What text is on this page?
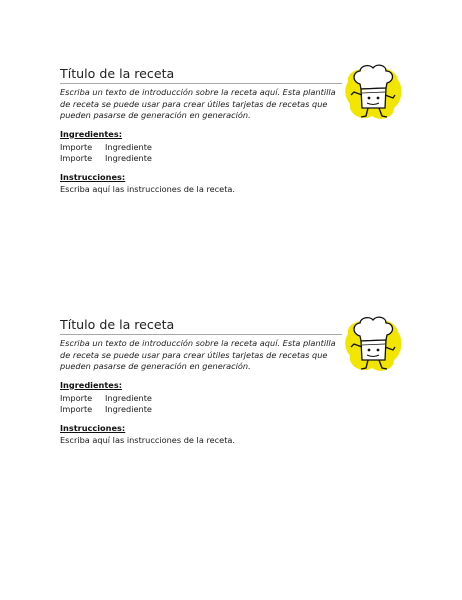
Título de la receta
Escriba un texto de introducción sobre la receta aquí. Esta plantilla
de receta se puede usar para crear útiles tarjetas de recetas que
pueden pasarse de generación en generación.
Ingredientes:
Importe	Ingrediente
Importe	Ingrediente
Instrucciones:
Escriba aquí las instrucciones de la receta.
Título de la receta
Escriba un texto de introducción sobre la receta aquí. Esta plantilla
de receta se puede usar para crear útiles tarjetas de recetas que
pueden pasarse de generación en generación.
Ingredientes:
Importe	Ingrediente
Importe	Ingrediente
Instrucciones:
Escriba aquí las instrucciones de la receta.
